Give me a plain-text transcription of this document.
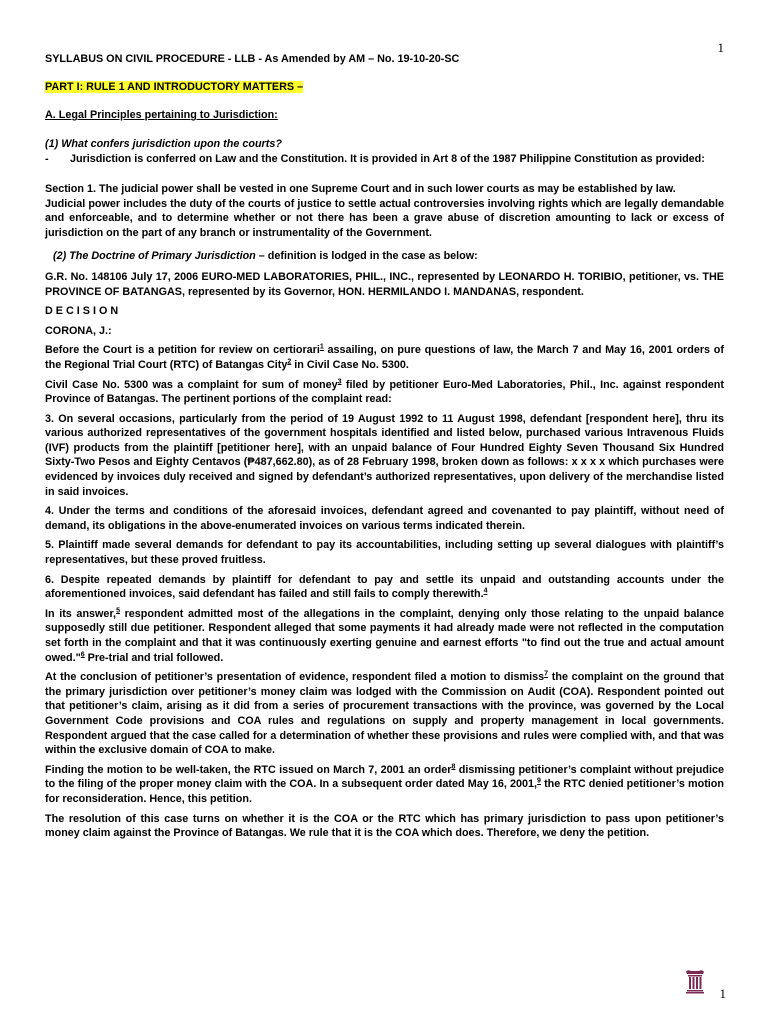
1

SYLLABUS ON CIVIL PROCEDURE - LLB - As Amended by AM – No. 19-10-20-SC

PART I: RULE 1 AND INTRODUCTORY MATTERS –

A. Legal Principles pertaining to Jurisdiction:

(1) What confers jurisdiction upon the courts?

-	Jurisdiction is conferred on Law and the Constitution. It is provided in Art 8 of the 1987 Philippine Constitution as provided:

Section 1. The judicial power shall be vested in one Supreme Court and in such lower courts as may be established by law.

Judicial power includes the duty of the courts of justice to settle actual controversies involving rights which are legally demandable and enforceable, and to determine whether or not there has been a grave abuse of discretion amounting to lack or excess of jurisdiction on the part of any branch or instrumentality of the Government.

(2) The Doctrine of Primary Jurisdiction – definition is lodged in the case as below:

G.R. No. 148106 July 17, 2006 EURO-MED LABORATORIES, PHIL., INC., represented by LEONARDO H. TORIBIO, petitioner, vs. THE PROVINCE OF BATANGAS, represented by its Governor, HON. HERMILANDO I. MANDANAS, respondent.

D E C I S I O N

CORONA, J.:

Before the Court is a petition for review on certiorari$^1$ assailing, on pure questions of law, the March 7 and May 16, 2001 orders of the Regional Trial Court (RTC) of Batangas City$^2$ in Civil Case No. 5300.

Civil Case No. 5300 was a complaint for sum of money$^3$ filed by petitioner Euro-Med Laboratories, Phil., Inc. against respondent Province of Batangas. The pertinent portions of the complaint read:

3. On several occasions, particularly from the period of 19 August 1992 to 11 August 1998, defendant [respondent here], thru its various authorized representatives of the government hospitals identified and listed below, purchased various Intravenous Fluids (IVF) products from the plaintiff [petitioner here], with an unpaid balance of Four Hundred Eighty Seven Thousand Six Hundred Sixty-Two Pesos and Eighty Centavos (₱487,662.80), as of 28 February 1998, broken down as follows: x x x x which purchases were evidenced by invoices duly received and signed by defendant’s authorized representatives, upon delivery of the merchandise listed in said invoices.

4. Under the terms and conditions of the aforesaid invoices, defendant agreed and covenanted to pay plaintiff, without need of demand, its obligations in the above-enumerated invoices on various terms indicated therein.

5. Plaintiff made several demands for defendant to pay its accountabilities, including setting up several dialogues with plaintiff’s representatives, but these proved fruitless.

6. Despite repeated demands by plaintiff for defendant to pay and settle its unpaid and outstanding accounts under the aforementioned invoices, said defendant has failed and still fails to comply therewith.$^4$

In its answer,$^5$ respondent admitted most of the allegations in the complaint, denying only those relating to the unpaid balance supposedly still due petitioner. Respondent alleged that some payments it had already made were not reflected in the computation set forth in the complaint and that it was continuously exerting genuine and earnest efforts "to find out the true and actual amount owed."$^6$ Pre-trial and trial followed.

At the conclusion of petitioner’s presentation of evidence, respondent filed a motion to dismiss$^7$ the complaint on the ground that the primary jurisdiction over petitioner’s money claim was lodged with the Commission on Audit (COA). Respondent pointed out that petitioner’s claim, arising as it did from a series of procurement transactions with the province, was governed by the Local Government Code provisions and COA rules and regulations on supply and property management in local governments. Respondent argued that the case called for a determination of whether these provisions and rules were complied with, and that was within the exclusive domain of COA to make.

Finding the motion to be well-taken, the RTC issued on March 7, 2001 an order$^8$ dismissing petitioner’s complaint without prejudice to the filing of the proper money claim with the COA. In a subsequent order dated May 16, 2001,$^9$ the RTC denied petitioner’s motion for reconsideration. Hence, this petition.

The resolution of this case turns on whether it is the COA or the RTC which has primary jurisdiction to pass upon petitioner’s money claim against the Province of Batangas. We rule that it is the COA which does. Therefore, we deny the petition.

1
